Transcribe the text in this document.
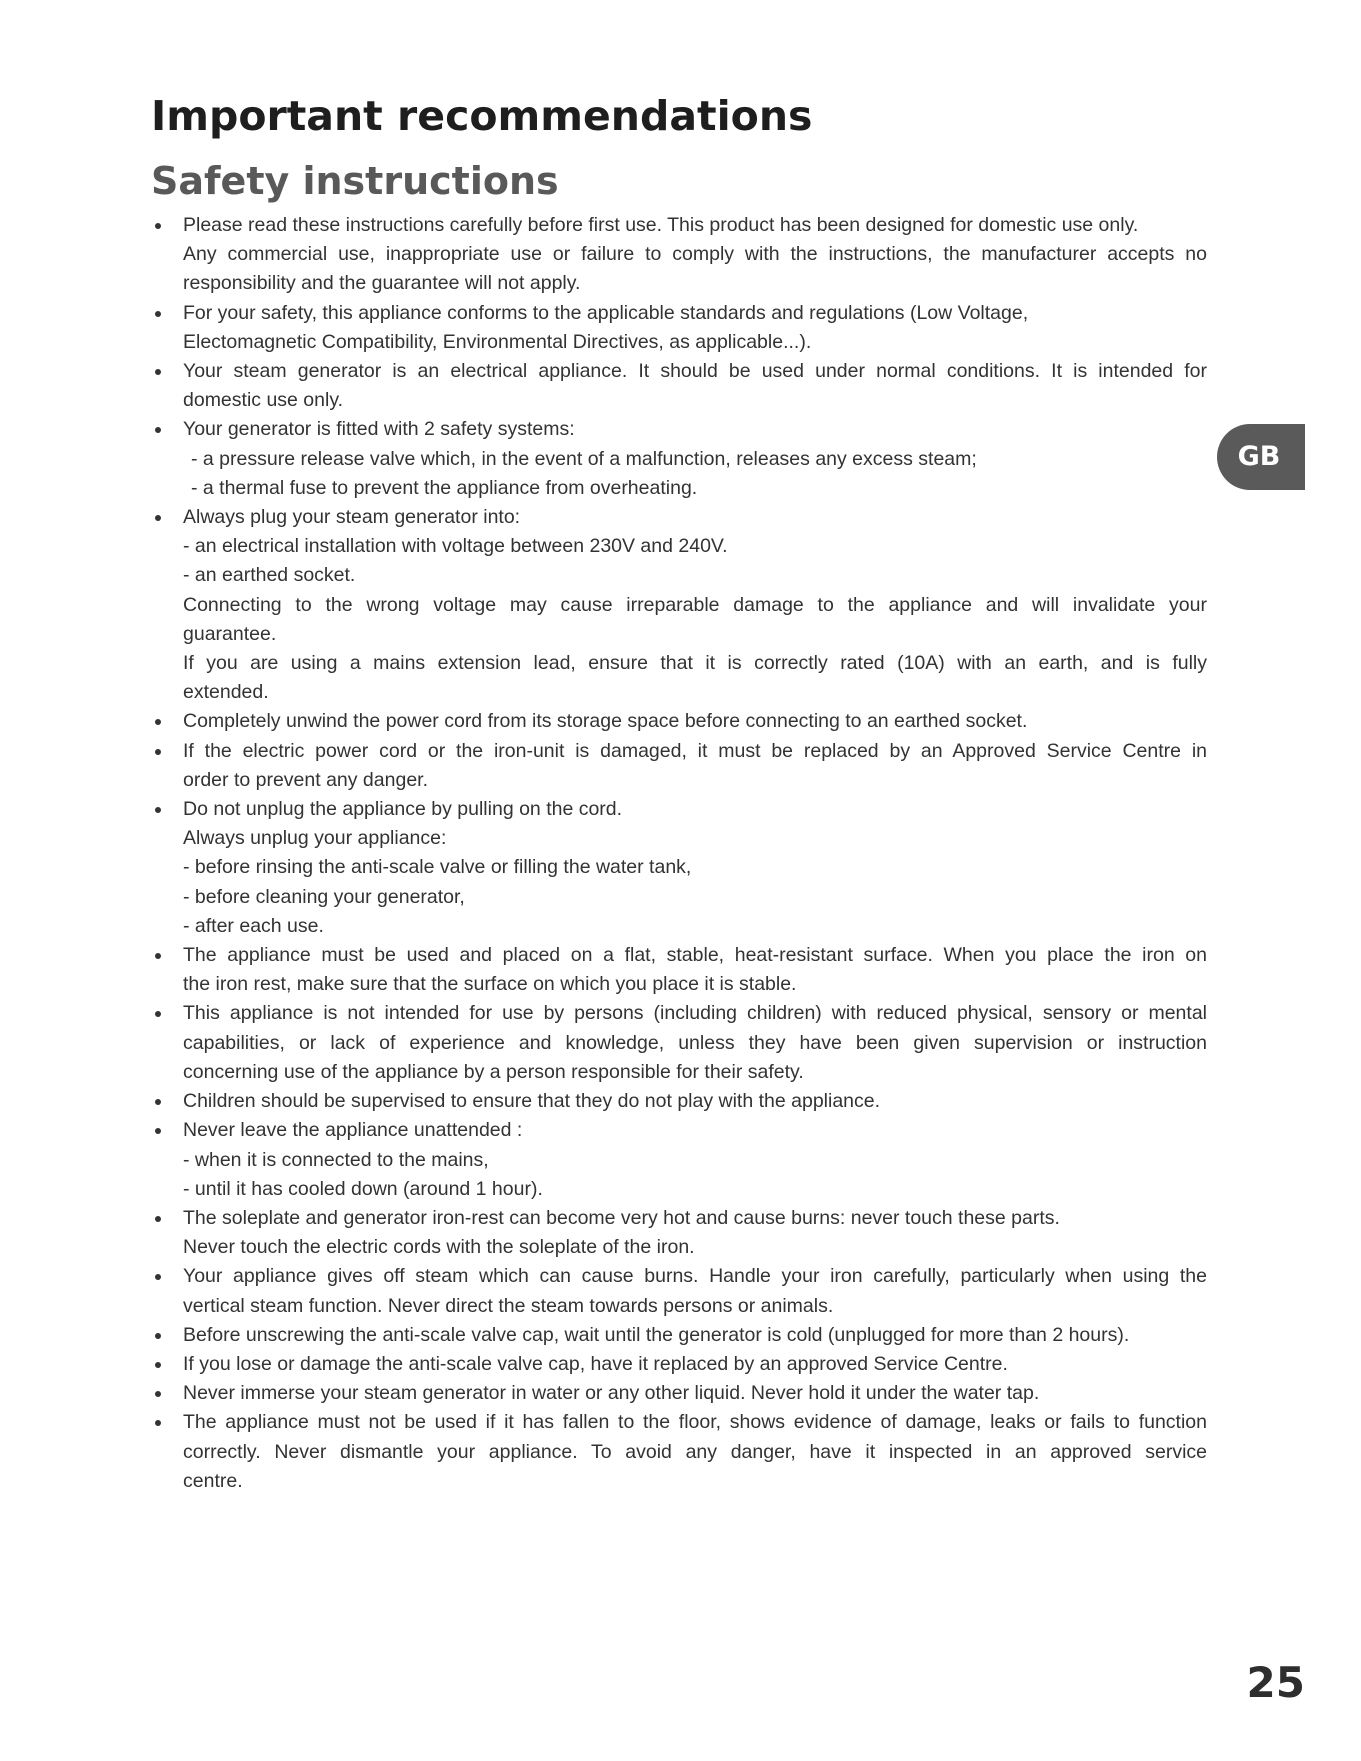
Important recommendations
Safety instructions
Please read these instructions carefully before first use. This product has been designed for domestic use only.
Any commercial use, inappropriate use or failure to comply with the instructions, the manufacturer accepts no
responsibility and the guarantee will not apply.
For your safety, this appliance conforms to the applicable standards and regulations (Low Voltage,
Electomagnetic Compatibility, Environmental Directives, as applicable...).
Your steam generator is an electrical appliance. It should be used under normal conditions. It is intended for
domestic use only.
Your generator is fitted with 2 safety systems:
- a pressure release valve which, in the event of a malfunction, releases any excess steam;
- a thermal fuse to prevent the appliance from overheating.
Always plug your steam generator into:
- an electrical installation with voltage between 230V and 240V.
- an earthed socket.
Connecting to the wrong voltage may cause irreparable damage to the appliance and will invalidate your
guarantee.
If you are using a mains extension lead, ensure that it is correctly rated (10A) with an earth, and is fully
extended.
Completely unwind the power cord from its storage space before connecting to an earthed socket.
If the electric power cord or the iron-unit is damaged, it must be replaced by an Approved Service Centre in
order to prevent any danger.
Do not unplug the appliance by pulling on the cord.
Always unplug your appliance:
- before rinsing the anti-scale valve or filling the water tank,
- before cleaning your generator,
- after each use.
The appliance must be used and placed on a flat, stable, heat-resistant surface. When you place the iron on
the iron rest, make sure that the surface on which you place it is stable.
This appliance is not intended for use by persons (including children) with reduced physical, sensory or mental
capabilities, or lack of experience and knowledge, unless they have been given supervision or instruction
concerning use of the appliance by a person responsible for their safety.
Children should be supervised to ensure that they do not play with the appliance.
Never leave the appliance unattended :
- when it is connected to the mains,
- until it has cooled down (around 1 hour).
The soleplate and generator iron-rest can become very hot and cause burns: never touch these parts.
Never touch the electric cords with the soleplate of the iron.
Your appliance gives off steam which can cause burns. Handle your iron carefully, particularly when using the
vertical steam function. Never direct the steam towards persons or animals.
Before unscrewing the anti-scale valve cap, wait until the generator is cold (unplugged for more than 2 hours).
If you lose or damage the anti-scale valve cap, have it replaced by an approved Service Centre.
Never immerse your steam generator in water or any other liquid. Never hold it under the water tap.
The appliance must not be used if it has fallen to the floor, shows evidence of damage, leaks or fails to function
correctly. Never dismantle your appliance. To avoid any danger, have it inspected in an approved service
centre.
GB

25
